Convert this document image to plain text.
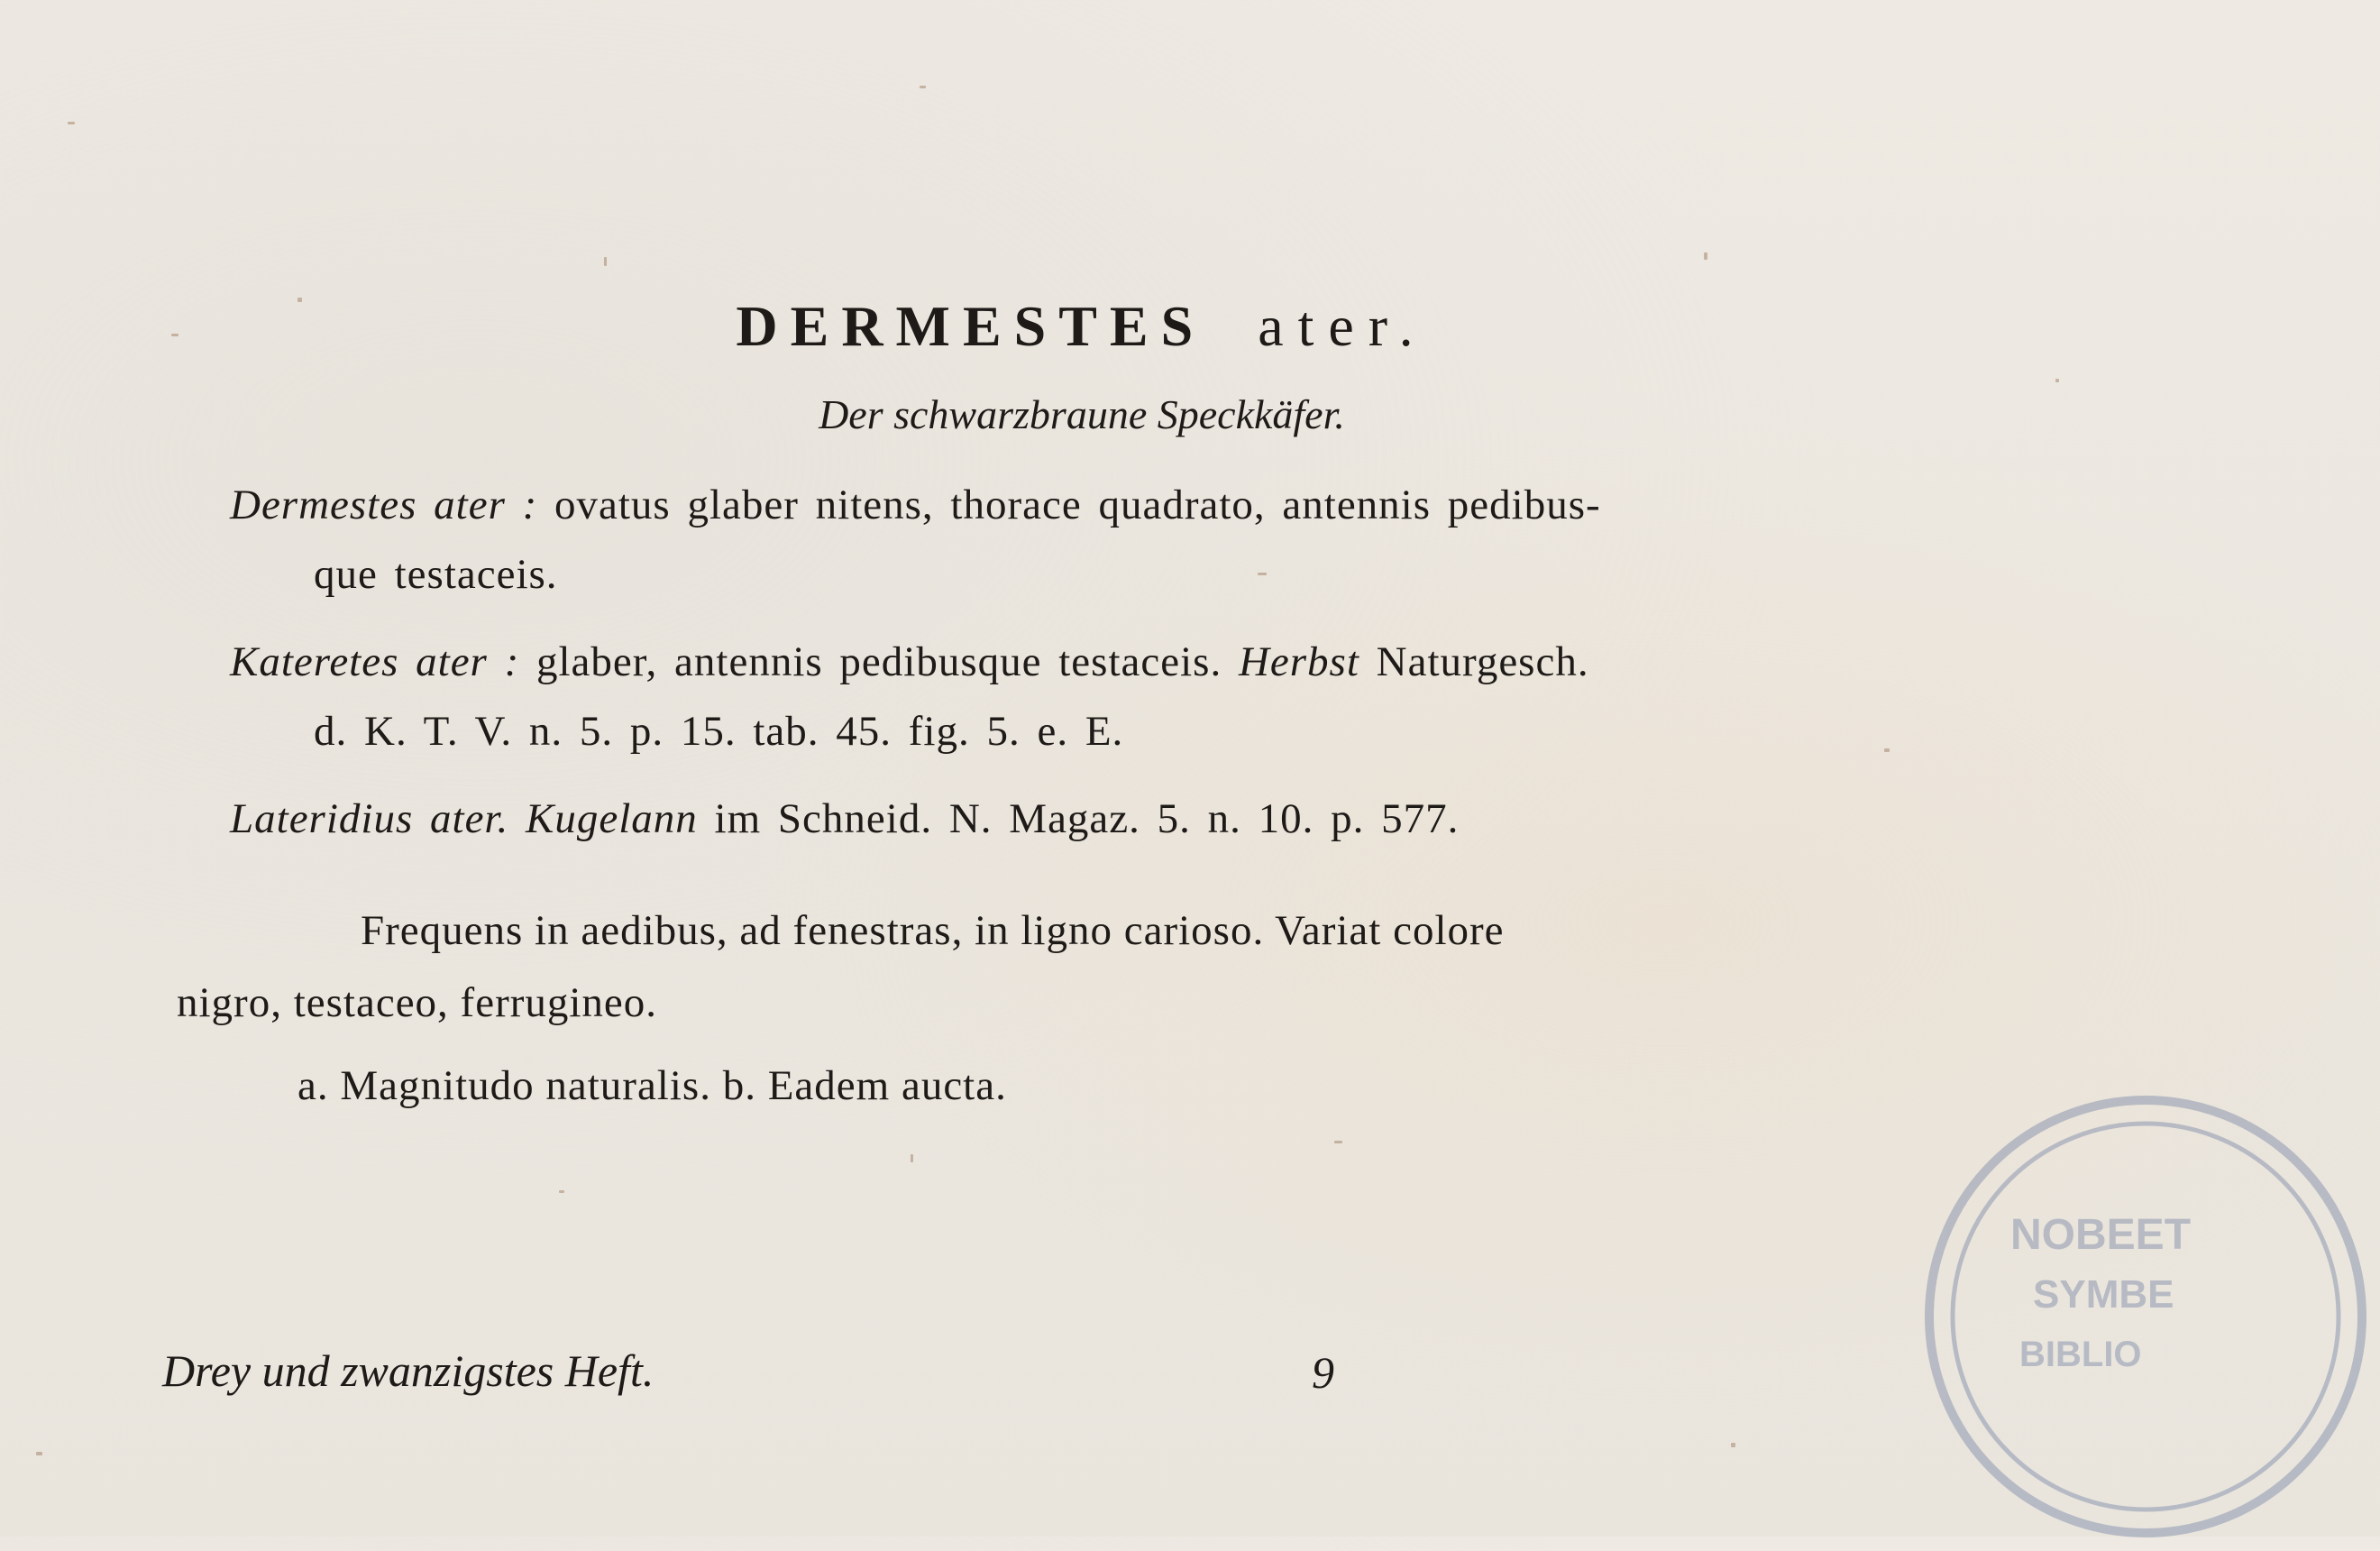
DERMESTES ater.
Der schwarzbraune Speckkäfer.
Dermestes ater : ovatus glaber nitens, thorace quadrato, antennis pedibus-
que testaceis.
Kateretes ater : glaber, antennis pedibusque testaceis. Herbst Naturgesch.
d. K. T. V. n. 5. p. 15. tab. 45. fig. 5. e. E.
Lateridius ater. Kugelann im Schneid. N. Magaz. 5. n. 10. p. 577.
Frequens in aedibus, ad fenestras, in ligno carioso. Variat colore
nigro, testaceo, ferrugineo.
a. Magnitudo naturalis. b. Eadem aucta.
Drey und zwanzigstes Heft.	9
NOBEET
SYMBE
BIBLIO
